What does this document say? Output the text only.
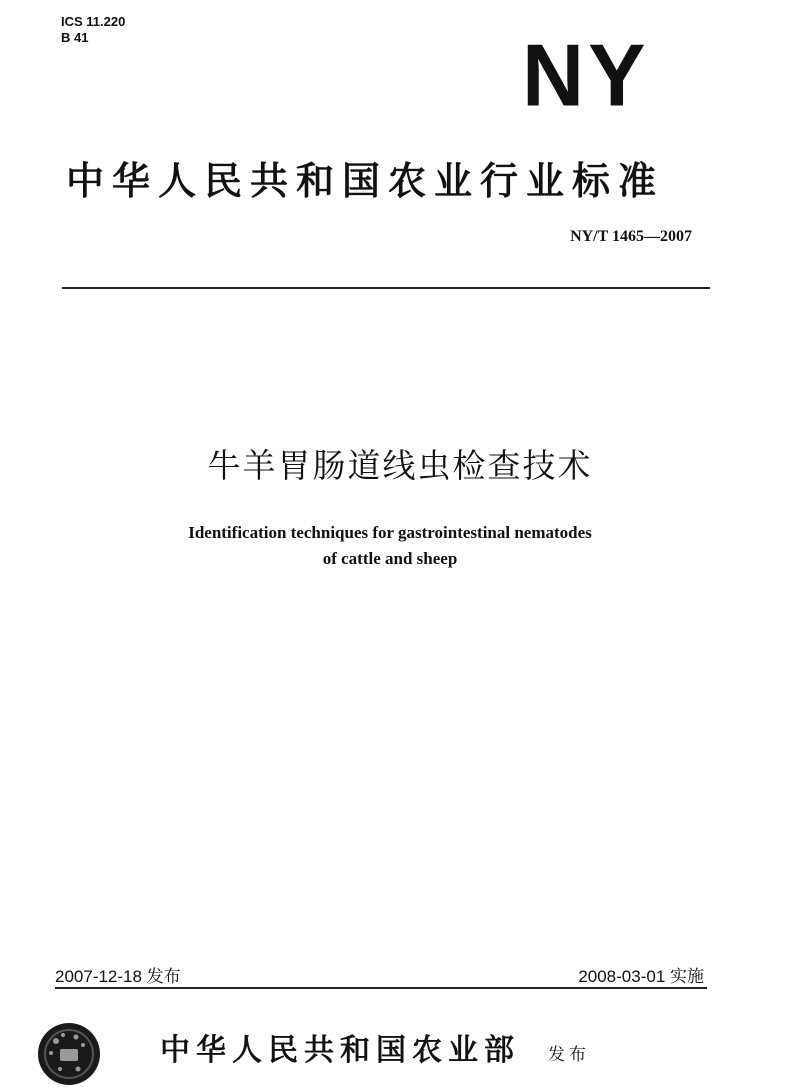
ICS 11.220
B 41	NY
中华人民共和国农业行业标准
NY/T 1465—2007
牛羊胃肠道线虫检查技术
Identification techniques for gastrointestinal nematodes
of cattle and sheep
2007-12-18 发布	2008-03-01 实施
中华人民共和国农业部 发布
